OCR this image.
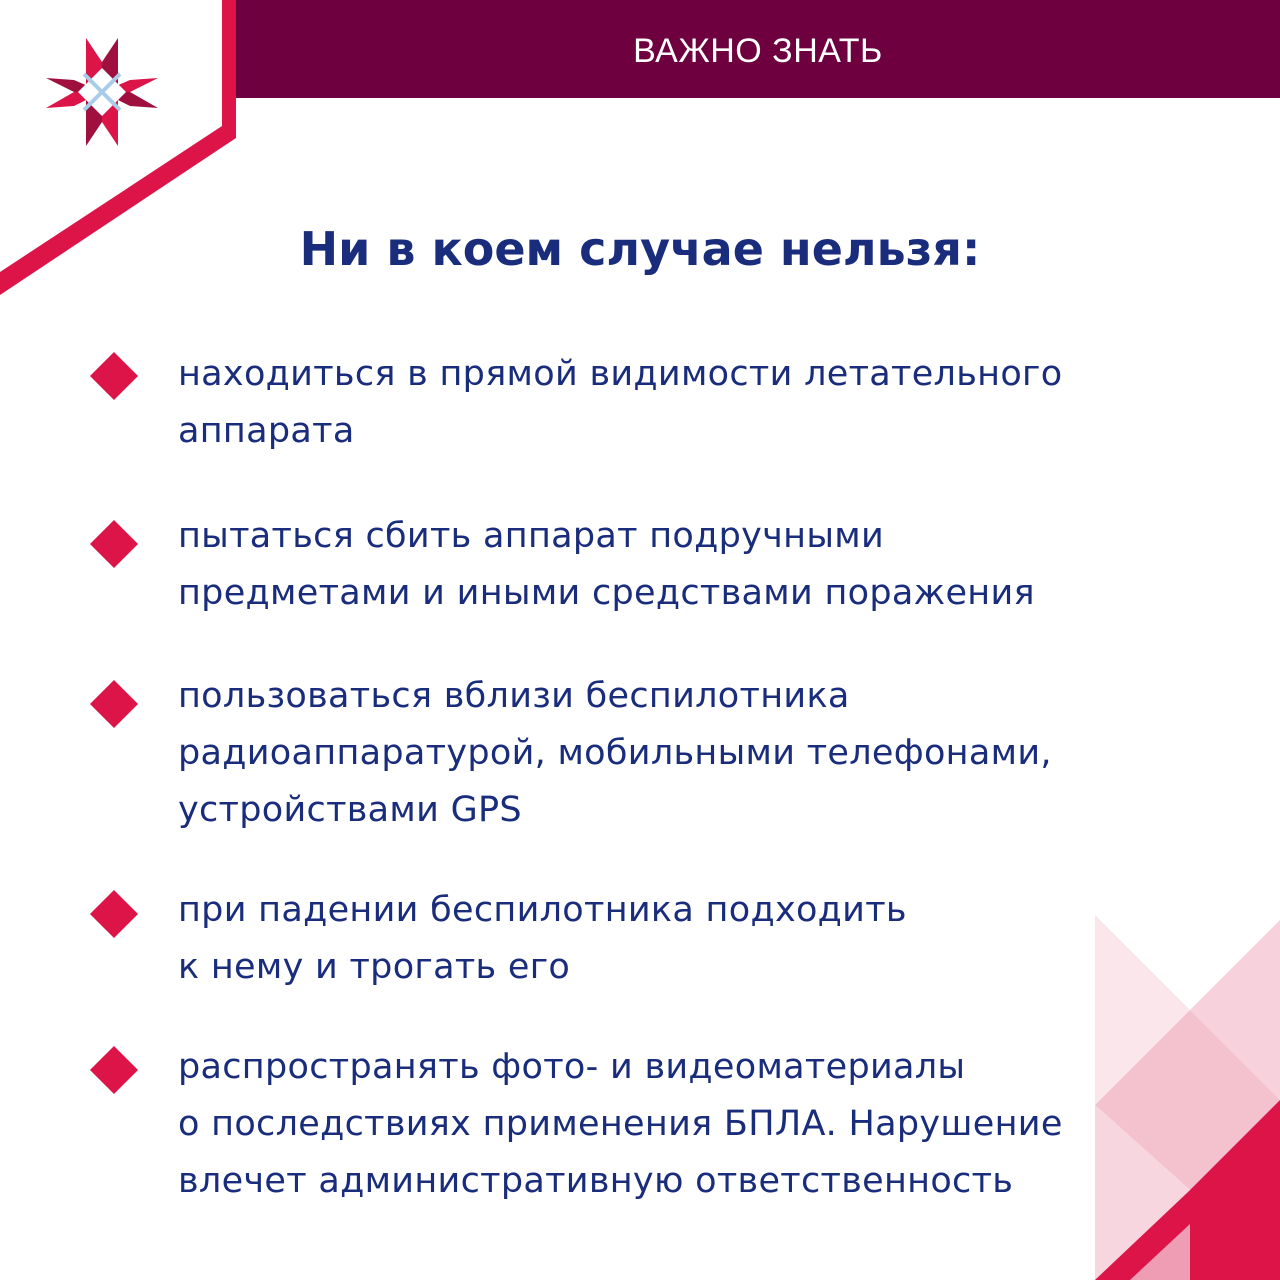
ВАЖНО ЗНАТЬ
Ни в коем случае нельзя:
находиться в прямой видимости летательного
аппарата
пытаться сбить аппарат подручными
предметами и иными средствами поражения
пользоваться вблизи беспилотника
радиоаппаратурой, мобильными телефонами,
устройствами GPS
при падении беспилотника подходить
к нему и трогать его
распространять фото- и видеоматериалы
о последствиях применения БПЛА. Нарушение
влечет административную ответственность
